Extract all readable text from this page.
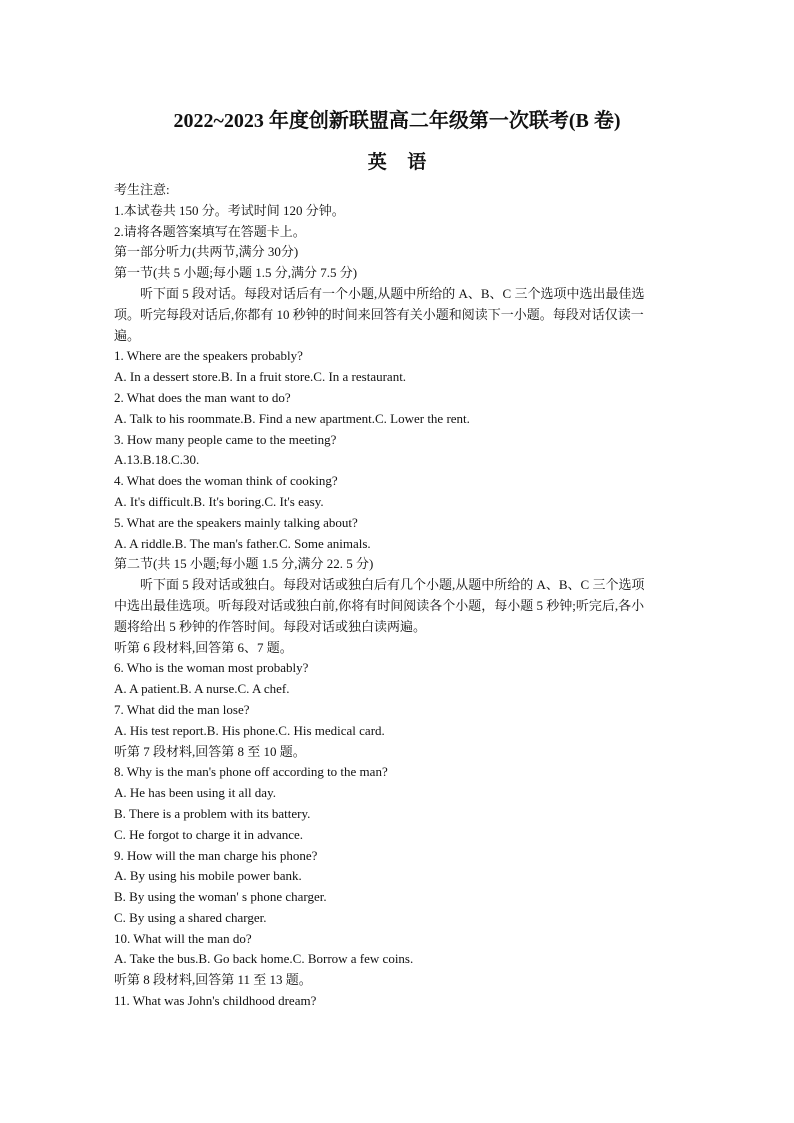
2022~2023 年度创新联盟高二年级第一次联考(B 卷)
英 语
考生注意:
1.本试卷共 150 分。考试时间 120 分钟。
2.请将各题答案填写在答题卡上。
第一部分听力(共两节,满分 30分)
第一节(共 5 小题;每小题 1.5 分,满分 7.5 分)
听下面 5 段对话。每段对话后有一个小题,从题中所给的 A、B、C 三个选项中选出最佳选
项。听完每段对话后,你都有 10 秒钟的时间来回答有关小题和阅读下一小题。每段对话仅读一
遍。
1. Where are the speakers probably?
A. In a dessert store.B. In a fruit store.C. In a restaurant.
2. What does the man want to do?
A. Talk to his roommate.B. Find a new apartment.C. Lower the rent.
3. How many people came to the meeting?
A.13.B.18.C.30.
4. What does the woman think of cooking?
A. It's difficult.B. It's boring.C. It's easy.
5. What are the speakers mainly talking about?
A. A riddle.B. The man's father.C. Some animals.
第二节(共 15 小题;每小题 1.5 分,满分 22. 5 分)
听下面 5 段对话或独白。每段对话或独白后有几个小题,从题中所给的 A、B、C 三个选项
中选出最佳选项。听每段对话或独白前,你将有时间阅读各个小题，每小题 5 秒钟;听完后,各小
题将给出 5 秒钟的作答时间。每段对话或独白读两遍。
听第 6 段材料,回答第 6、7 题。
6. Who is the woman most probably?
A. A patient.B. A nurse.C. A chef.
7. What did the man lose?
A. His test report.B. His phone.C. His medical card.
听第 7 段材料,回答第 8 至 10 题。
8. Why is the man's phone off according to the man?
A. He has been using it all day.
B. There is a problem with its battery.
C. He forgot to charge it in advance.
9. How will the man charge his phone?
A. By using his mobile power bank.
B. By using the woman' s phone charger.
C. By using a shared charger.
10. What will the man do?
A. Take the bus.B. Go back home.C. Borrow a few coins.
听第 8 段材料,回答第 11 至 13 题。
11. What was John's childhood dream?
